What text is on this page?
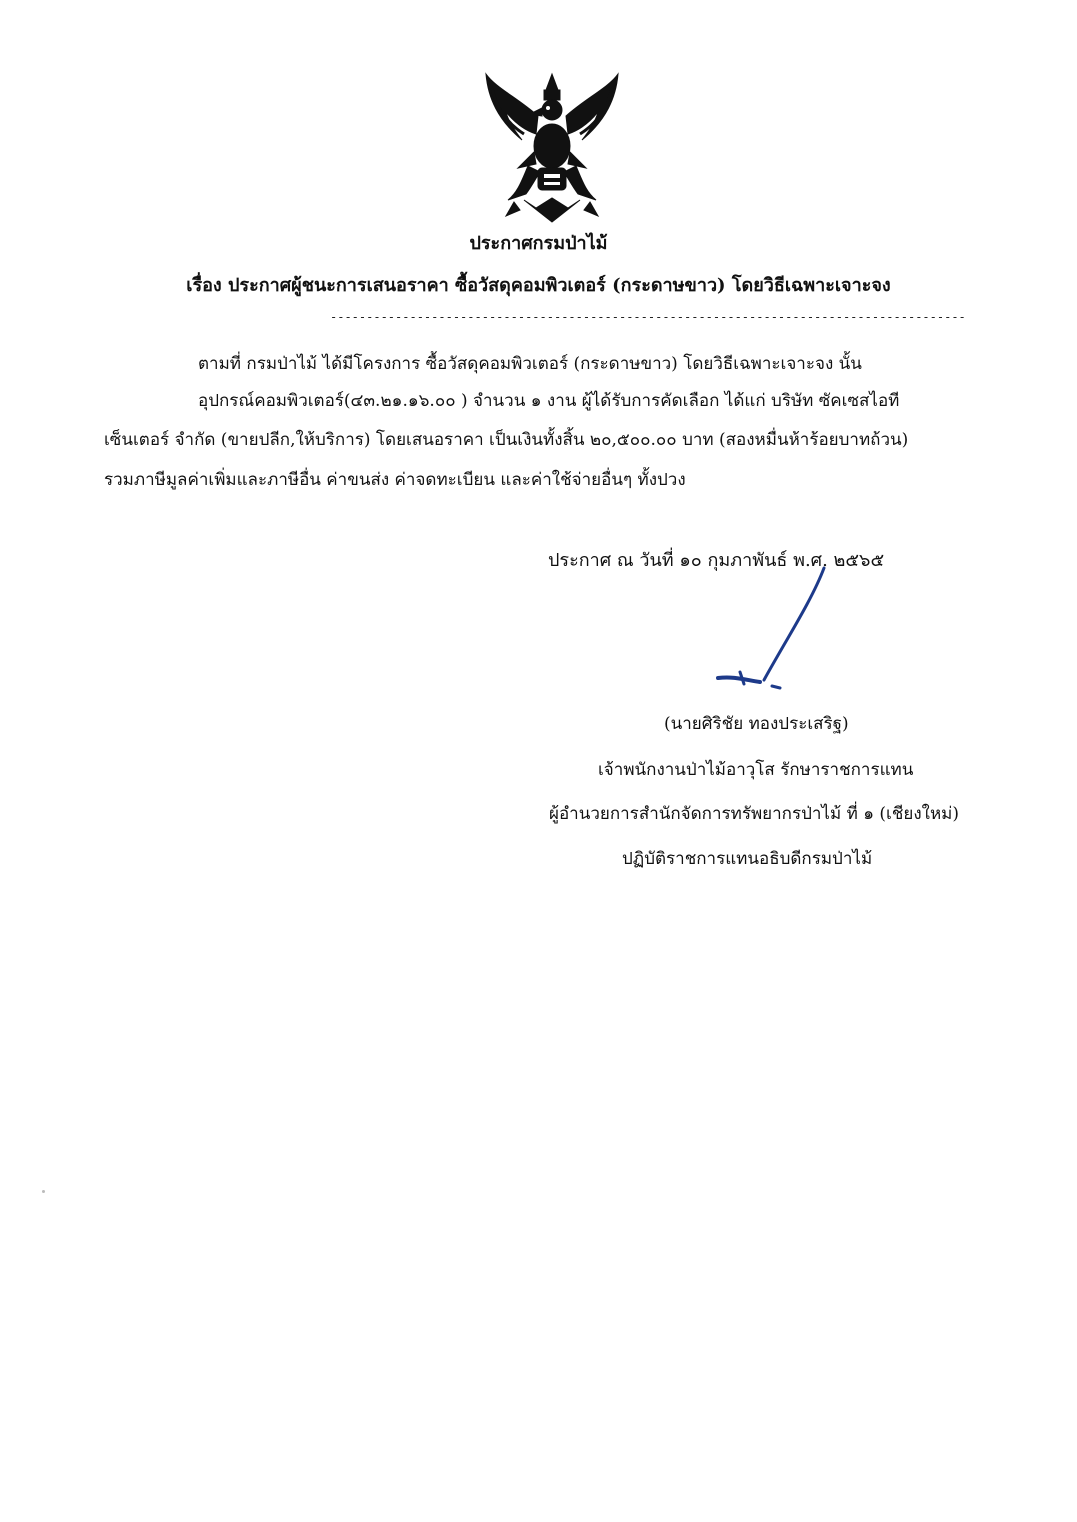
ประกาศกรมป่าไม้
เรื่อง ประกาศผู้ชนะการเสนอราคา ซื้อวัสดุคอมพิวเตอร์ (กระดาษขาว) โดยวิธีเฉพาะเจาะจง
----------------------------------------------------------------------------------------
ตามที่ กรมป่าไม้ ได้มีโครงการ ซื้อวัสดุคอมพิวเตอร์ (กระดาษขาว) โดยวิธีเฉพาะเจาะจง นั้น
อุปกรณ์คอมพิวเตอร์(๔๓.๒๑.๑๖.๐๐ ) จำนวน ๑ งาน ผู้ได้รับการคัดเลือก ได้แก่ บริษัท ซัคเซสไอที
เซ็นเตอร์ จำกัด (ขายปลีก,ให้บริการ) โดยเสนอราคา เป็นเงินทั้งสิ้น ๒๐,๕๐๐.๐๐ บาท (สองหมื่นห้าร้อยบาทถ้วน)
รวมภาษีมูลค่าเพิ่มและภาษีอื่น ค่าขนส่ง ค่าจดทะเบียน และค่าใช้จ่ายอื่นๆ ทั้งปวง
ประกาศ ณ วันที่ ๑๐ กุมภาพันธ์ พ.ศ. ๒๕๖๕
(นายศิริชัย ทองประเสริฐ)
เจ้าพนักงานป่าไม้อาวุโส รักษาราชการแทน
ผู้อำนวยการสำนักจัดการทรัพยากรป่าไม้ ที่ ๑ (เชียงใหม่)
ปฏิบัติราชการแทนอธิบดีกรมป่าไม้
